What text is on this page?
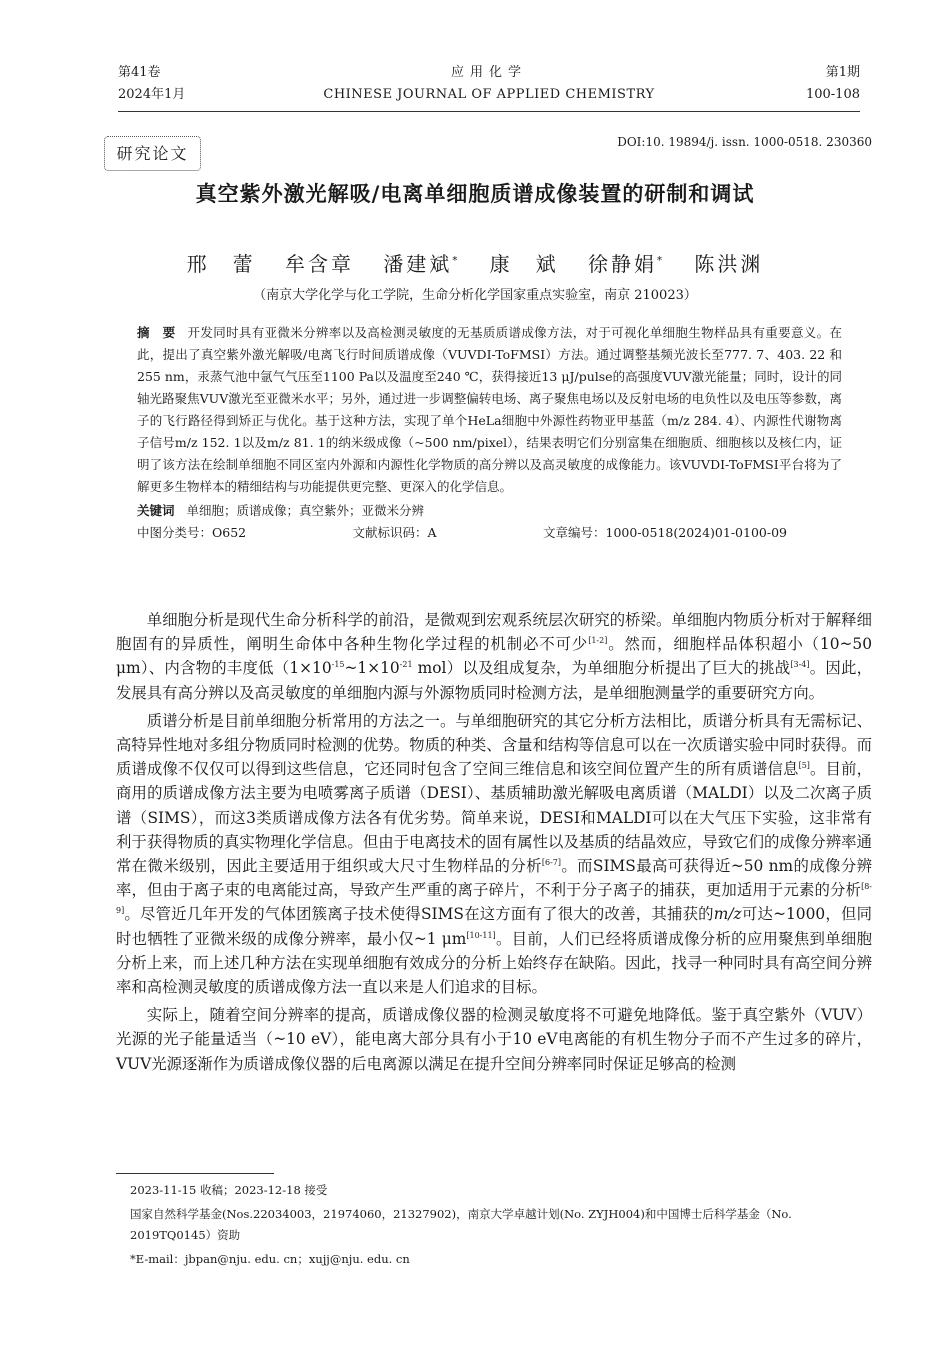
第41卷	第1期
2024年1月	100-108
应用化学
CHINESE JOURNAL OF APPLIED CHEMISTRY
研究论文
DOI:10. 19894/j. issn. 1000-0518. 230360
真空紫外激光解吸/电离单细胞质谱成像装置的研制和调试
邢　蕾 牟含章 潘建斌* 康　斌 徐静娟* 陈洪渊
（南京大学化学与化工学院，生命分析化学国家重点实验室，南京 210023）
摘　要 开发同时具有亚微米分辨率以及高检测灵敏度的无基质质谱成像方法，对于可视化单细胞生物样品具有重要意义。在此，提出了真空紫外激光解吸/电离飞行时间质谱成像（VUVDI-ToFMSI）方法。通过调整基频光波长至777. 7、403. 22 和255 nm，汞蒸气池中氩气气压至1100 Pa以及温度至240 ℃，获得接近13 μJ/pulse的高强度VUV激光能量；同时，设计的同轴光路聚焦VUV激光至亚微米水平；另外，通过进一步调整偏转电场、离子聚焦电场以及反射电场的电负性以及电压等参数，离子的飞行路径得到矫正与优化。基于这种方法，实现了单个HeLa细胞中外源性药物亚甲基蓝（m/z 284. 4）、内源性代谢物离子信号m/z 152. 1以及m/z 81. 1的纳米级成像（~500 nm/pixel），结果表明它们分别富集在细胞质、细胞核以及核仁内，证明了该方法在绘制单细胞不同区室内外源和内源性化学物质的高分辨以及高灵敏度的成像能力。该VUVDI-ToFMSI平台将为了解更多生物样本的精细结构与功能提供更完整、更深入的化学信息。
关键词 单细胞；质谱成像；真空紫外；亚微米分辨
中图分类号：O652	文献标识码：A	文章编号：1000-0518(2024)01-0100-09

单细胞分析是现代生命分析科学的前沿，是微观到宏观系统层次研究的桥梁。单细胞内物质分析对于解释细胞固有的异质性，阐明生命体中各种生物化学过程的机制必不可少[1-2]。然而，细胞样品体积超小（10~50 μm）、内含物的丰度低（1×10$^{-15}$~1×10$^{-21}$ mol）以及组成复杂，为单细胞分析提出了巨大的挑战[3-4]。因此，发展具有高分辨以及高灵敏度的单细胞内源与外源物质同时检测方法，是单细胞测量学的重要研究方向。

质谱分析是目前单细胞分析常用的方法之一。与单细胞研究的其它分析方法相比，质谱分析具有无需标记、高特异性地对多组分物质同时检测的优势。物质的种类、含量和结构等信息可以在一次质谱实验中同时获得。而质谱成像不仅仅可以得到这些信息，它还同时包含了空间三维信息和该空间位置产生的所有质谱信息[5]。目前，商用的质谱成像方法主要为电喷雾离子质谱（DESI）、基质辅助激光解吸电离质谱（MALDI）以及二次离子质谱（SIMS），而这3类质谱成像方法各有优劣势。简单来说，DESI和MALDI可以在大气压下实验，这非常有利于获得物质的真实物理化学信息。但由于电离技术的固有属性以及基质的结晶效应，导致它们的成像分辨率通常在微米级别，因此主要适用于组织或大尺寸生物样品的分析[6-7]。而SIMS最高可获得近~50 nm的成像分辨率，但由于离子束的电离能过高，导致产生严重的离子碎片，不利于分子离子的捕获，更加适用于元素的分析[8-9]。尽管近几年开发的气体团簇离子技术使得SIMS在这方面有了很大的改善，其捕获的m/z可达~1000，但同时也牺牲了亚微米级的成像分辨率，最小仅~1 μm[10-11]。目前，人们已经将质谱成像分析的应用聚焦到单细胞分析上来，而上述几种方法在实现单细胞有效成分的分析上始终存在缺陷。因此，找寻一种同时具有高空间分辨率和高检测灵敏度的质谱成像方法一直以来是人们追求的目标。

实际上，随着空间分辨率的提高，质谱成像仪器的检测灵敏度将不可避免地降低。鉴于真空紫外（VUV）光源的光子能量适当（~10 eV），能电离大部分具有小于10 eV电离能的有机生物分子而不产生过多的碎片，VUV光源逐渐作为质谱成像仪器的后电离源以满足在提升空间分辨率同时保证足够高的检测

2023-11-15 收稿；2023-12-18 接受
国家自然科学基金(Nos.22034003，21974060，21327902)，南京大学卓越计划(No. ZYJH004)和中国博士后科学基金（No. 2019TQ0145）资助
*E-mail：jbpan@nju. edu. cn；xujj@nju. edu. cn
